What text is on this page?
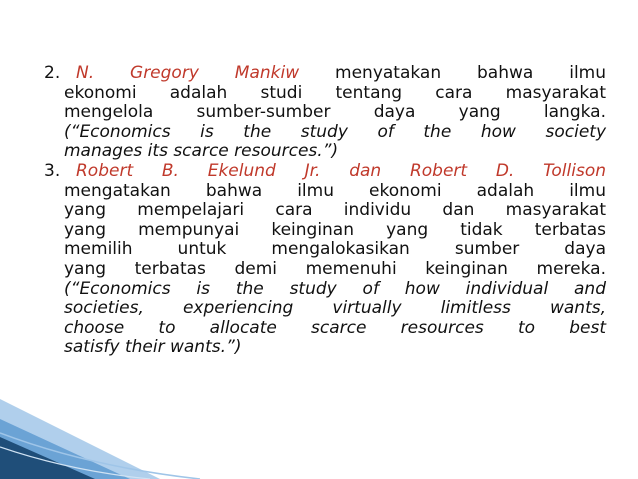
2. N. Gregory Mankiw menyatakan bahwa ilmu
ekonomi adalah studi tentang cara masyarakat
mengelola sumber-sumber daya yang langka.
(“Economics is the study of the how society
manages its scarce resources.”)
3. Robert B. Ekelund Jr. dan Robert D. Tollison
mengatakan bahwa ilmu ekonomi adalah ilmu
yang mempelajari cara individu dan masyarakat
yang mempunyai keinginan yang tidak terbatas
memilih untuk mengalokasikan sumber daya
yang terbatas demi memenuhi keinginan mereka.
(“Economics is the study of how individual and
societies, experiencing virtually limitless wants,
choose to allocate scarce resources to best
satisfy their wants.”)
